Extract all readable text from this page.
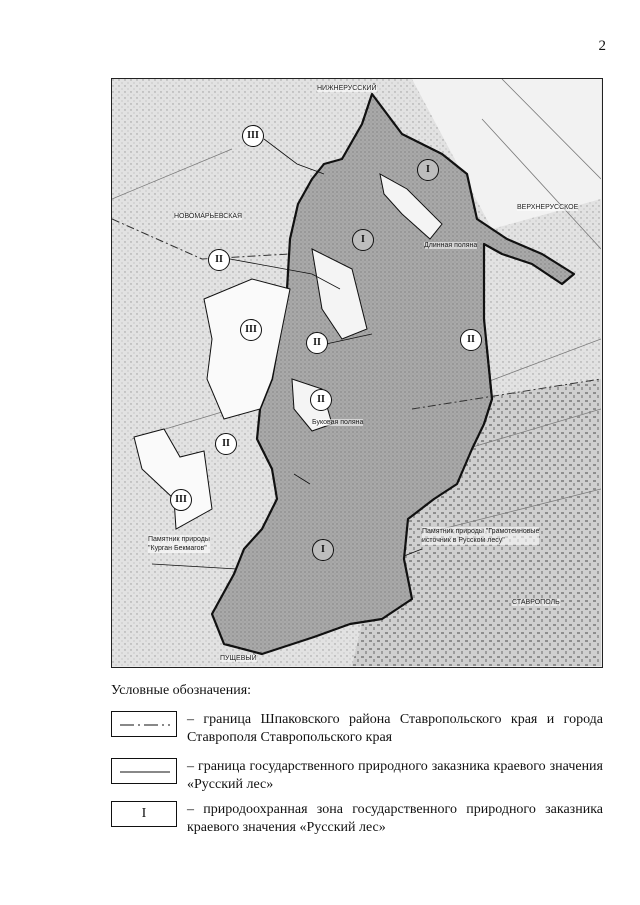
2
НИЖНЕРУССКИЙ
НОВОМАРЬЕВСКАЯ
ВЕРХНЕРУССКОЕ
Длинная поляна
Буковая поляна
СТАВРОПОЛЬ
ПУЩЕВЫЙ
Памятник природы
"Курган Бекмагов"
Памятник природы "Грамотеиновые
источник в Русском лесу"
III
I
I
II
III
II	II
II
II
III
I
Условные обозначения:
– граница Шпаковского района Ставропольского края и города Ставрополя Ставропольского края
– граница государственного природного заказника краевого значения «Русский лес»
I	– природоохранная зона государственного природного заказника краевого значения «Русский лес»
